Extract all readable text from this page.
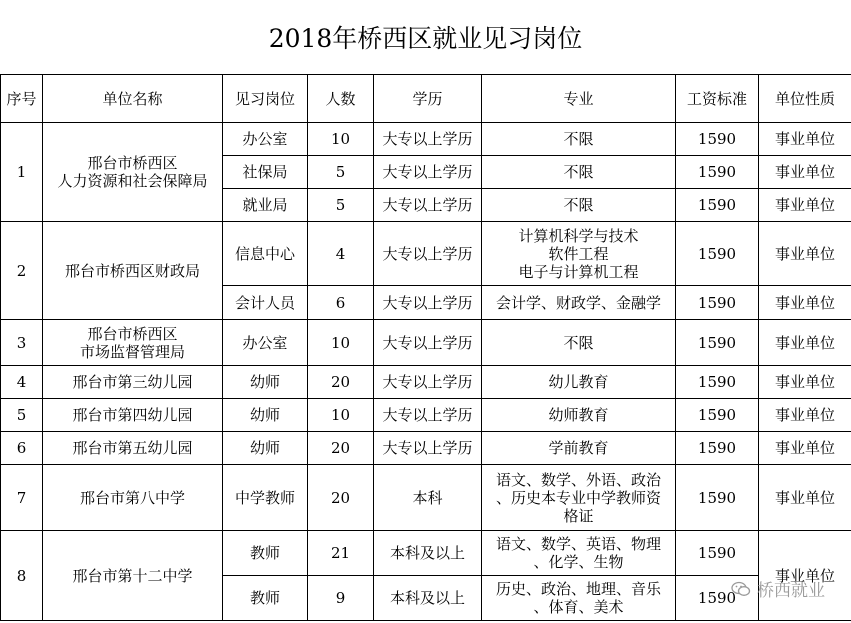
2018年桥西区就业见习岗位
序号	单位名称	见习岗位	人数	学历	专业	工资标准	单位性质
1	邢台市桥西区
人力资源和社会保障局	办公室	10	大专以上学历	不限	1590	事业单位
		社保局	5	大专以上学历	不限	1590	事业单位
		就业局	5	大专以上学历	不限	1590	事业单位
2	邢台市桥西区财政局	信息中心	4	大专以上学历	计算机科学与技术
软件工程
电子与计算机工程	1590	事业单位
		会计人员	6	大专以上学历	会计学、财政学、金融学	1590	事业单位
3	邢台市桥西区
市场监督管理局	办公室	10	大专以上学历	不限	1590	事业单位
4	邢台市第三幼儿园	幼师	20	大专以上学历	幼儿教育	1590	事业单位
5	邢台市第四幼儿园	幼师	10	大专以上学历	幼师教育	1590	事业单位
6	邢台市第五幼儿园	幼师	20	大专以上学历	学前教育	1590	事业单位
7	邢台市第八中学	中学教师	20	本科	语文、数学、外语、政治
、历史本专业中学教师资
格证	1590	事业单位
8	邢台市第十二中学	教师	21	本科及以上	语文、数学、英语、物理
、化学、生物	1590	事业单位
		教师	9	本科及以上	历史、政治、地理、音乐
、体育、美术	1590	桥西就业
